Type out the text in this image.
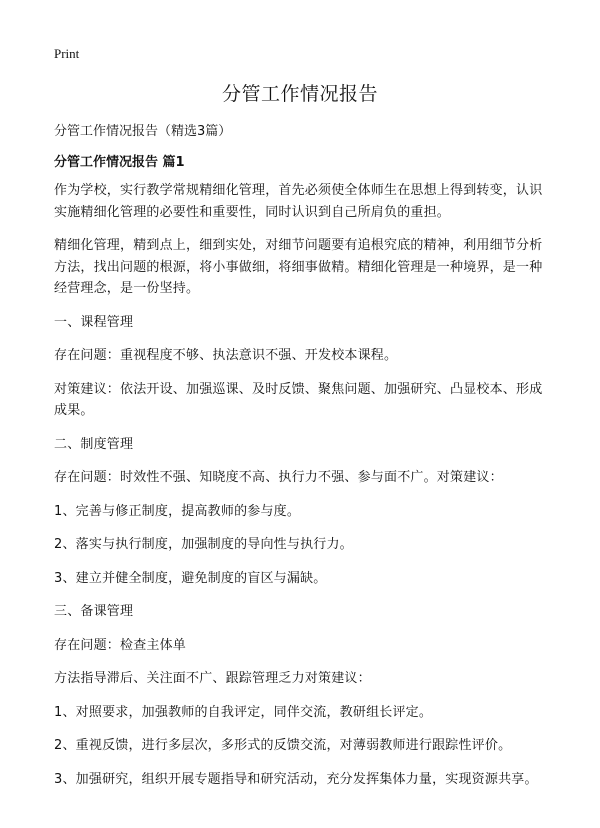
Print
分管工作情况报告

分管工作情况报告（精选3篇）

分管工作情况报告 篇1

作为学校，实行教学常规精细化管理，首先必须使全体师生在思想上得到转变，认识实施精细化管理的必要性和重要性，同时认识到自己所肩负的重担。

精细化管理，精到点上，细到实处，对细节问题要有追根究底的精神，利用细节分析方法，找出问题的根源，将小事做细，将细事做精。精细化管理是一种境界，是一种经营理念，是一份坚持。

一、课程管理

存在问题：重视程度不够、执法意识不强、开发校本课程。

对策建议：依法开设、加强巡课、及时反馈、聚焦问题、加强研究、凸显校本、形成成果。

二、制度管理

存在问题：时效性不强、知晓度不高、执行力不强、参与面不广。对策建议：

1、完善与修正制度，提高教师的参与度。

2、落实与执行制度，加强制度的导向性与执行力。

3、建立并健全制度，避免制度的盲区与漏缺。

三、备课管理

存在问题：检查主体单

方法指导滞后、关注面不广、跟踪管理乏力对策建议：

1、对照要求，加强教师的自我评定，同伴交流，教研组长评定。

2、重视反馈，进行多层次，多形式的反馈交流，对薄弱教师进行跟踪性评价。

3、加强研究，组织开展专题指导和研究活动，充分发挥集体力量，实现资源共享。
